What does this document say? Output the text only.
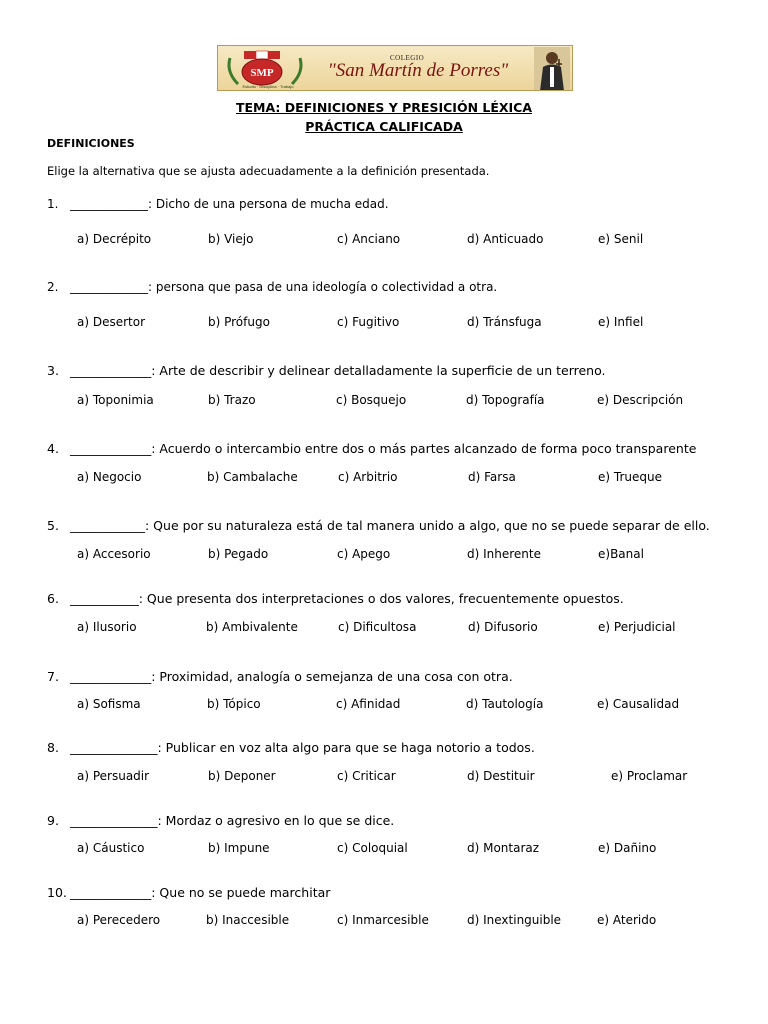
SMP
Estudio · Disciplina · Trabajo
COLEGIO
"San Martín de Porres"
TEMA: DEFINICIONES Y PRESICIÓN LÉXICA
PRÁCTICA CALIFICADA
DEFINICIONES
Elige la alternativa que se ajusta adecuadamente a la definición presentada.
1. _____________: Dicho de una persona de mucha edad.
a) Decrépito	b) Viejo	c) Anciano	d) Anticuado	e) Senil
2. _____________: persona que pasa de una ideología o colectividad a otra.
a) Desertor	b) Prófugo	c) Fugitivo	d) Tránsfuga	e) Infiel
3. _____________: Arte de describir y delinear detalladamente la superficie de un terreno.
a) Toponimia	b) Trazo	c) Bosquejo	d) Topografía	e) Descripción
4. _____________: Acuerdo o intercambio entre dos o más partes alcanzado de forma poco transparente
a) Negocio	b) Cambalache	c) Arbitrio	d) Farsa	e) Trueque
5. ____________: Que por su naturaleza está de tal manera unido a algo, que no se puede separar de ello.
a) Accesorio	b) Pegado	c) Apego	d) Inherente	e)Banal
6. ___________: Que presenta dos interpretaciones o dos valores, frecuentemente opuestos.
a) Ilusorio	b) Ambivalente	c) Dificultosa	d) Difusorio	e) Perjudicial
7. _____________: Proximidad, analogía o semejanza de una cosa con otra.
a) Sofisma	b) Tópico	c) Afinidad	d) Tautología	e) Causalidad
8. ______________: Publicar en voz alta algo para que se haga notorio a todos.
a) Persuadir	b) Deponer	c) Criticar	d) Destituir	e) Proclamar
9. ______________: Mordaz o agresivo en lo que se dice.
a) Cáustico	b) Impune	c) Coloquial	d) Montaraz	e) Dañino
10. _____________: Que no se puede marchitar
a) Perecedero	b) Inaccesible	c) Inmarcesible	d) Inextinguible	e) Aterido
